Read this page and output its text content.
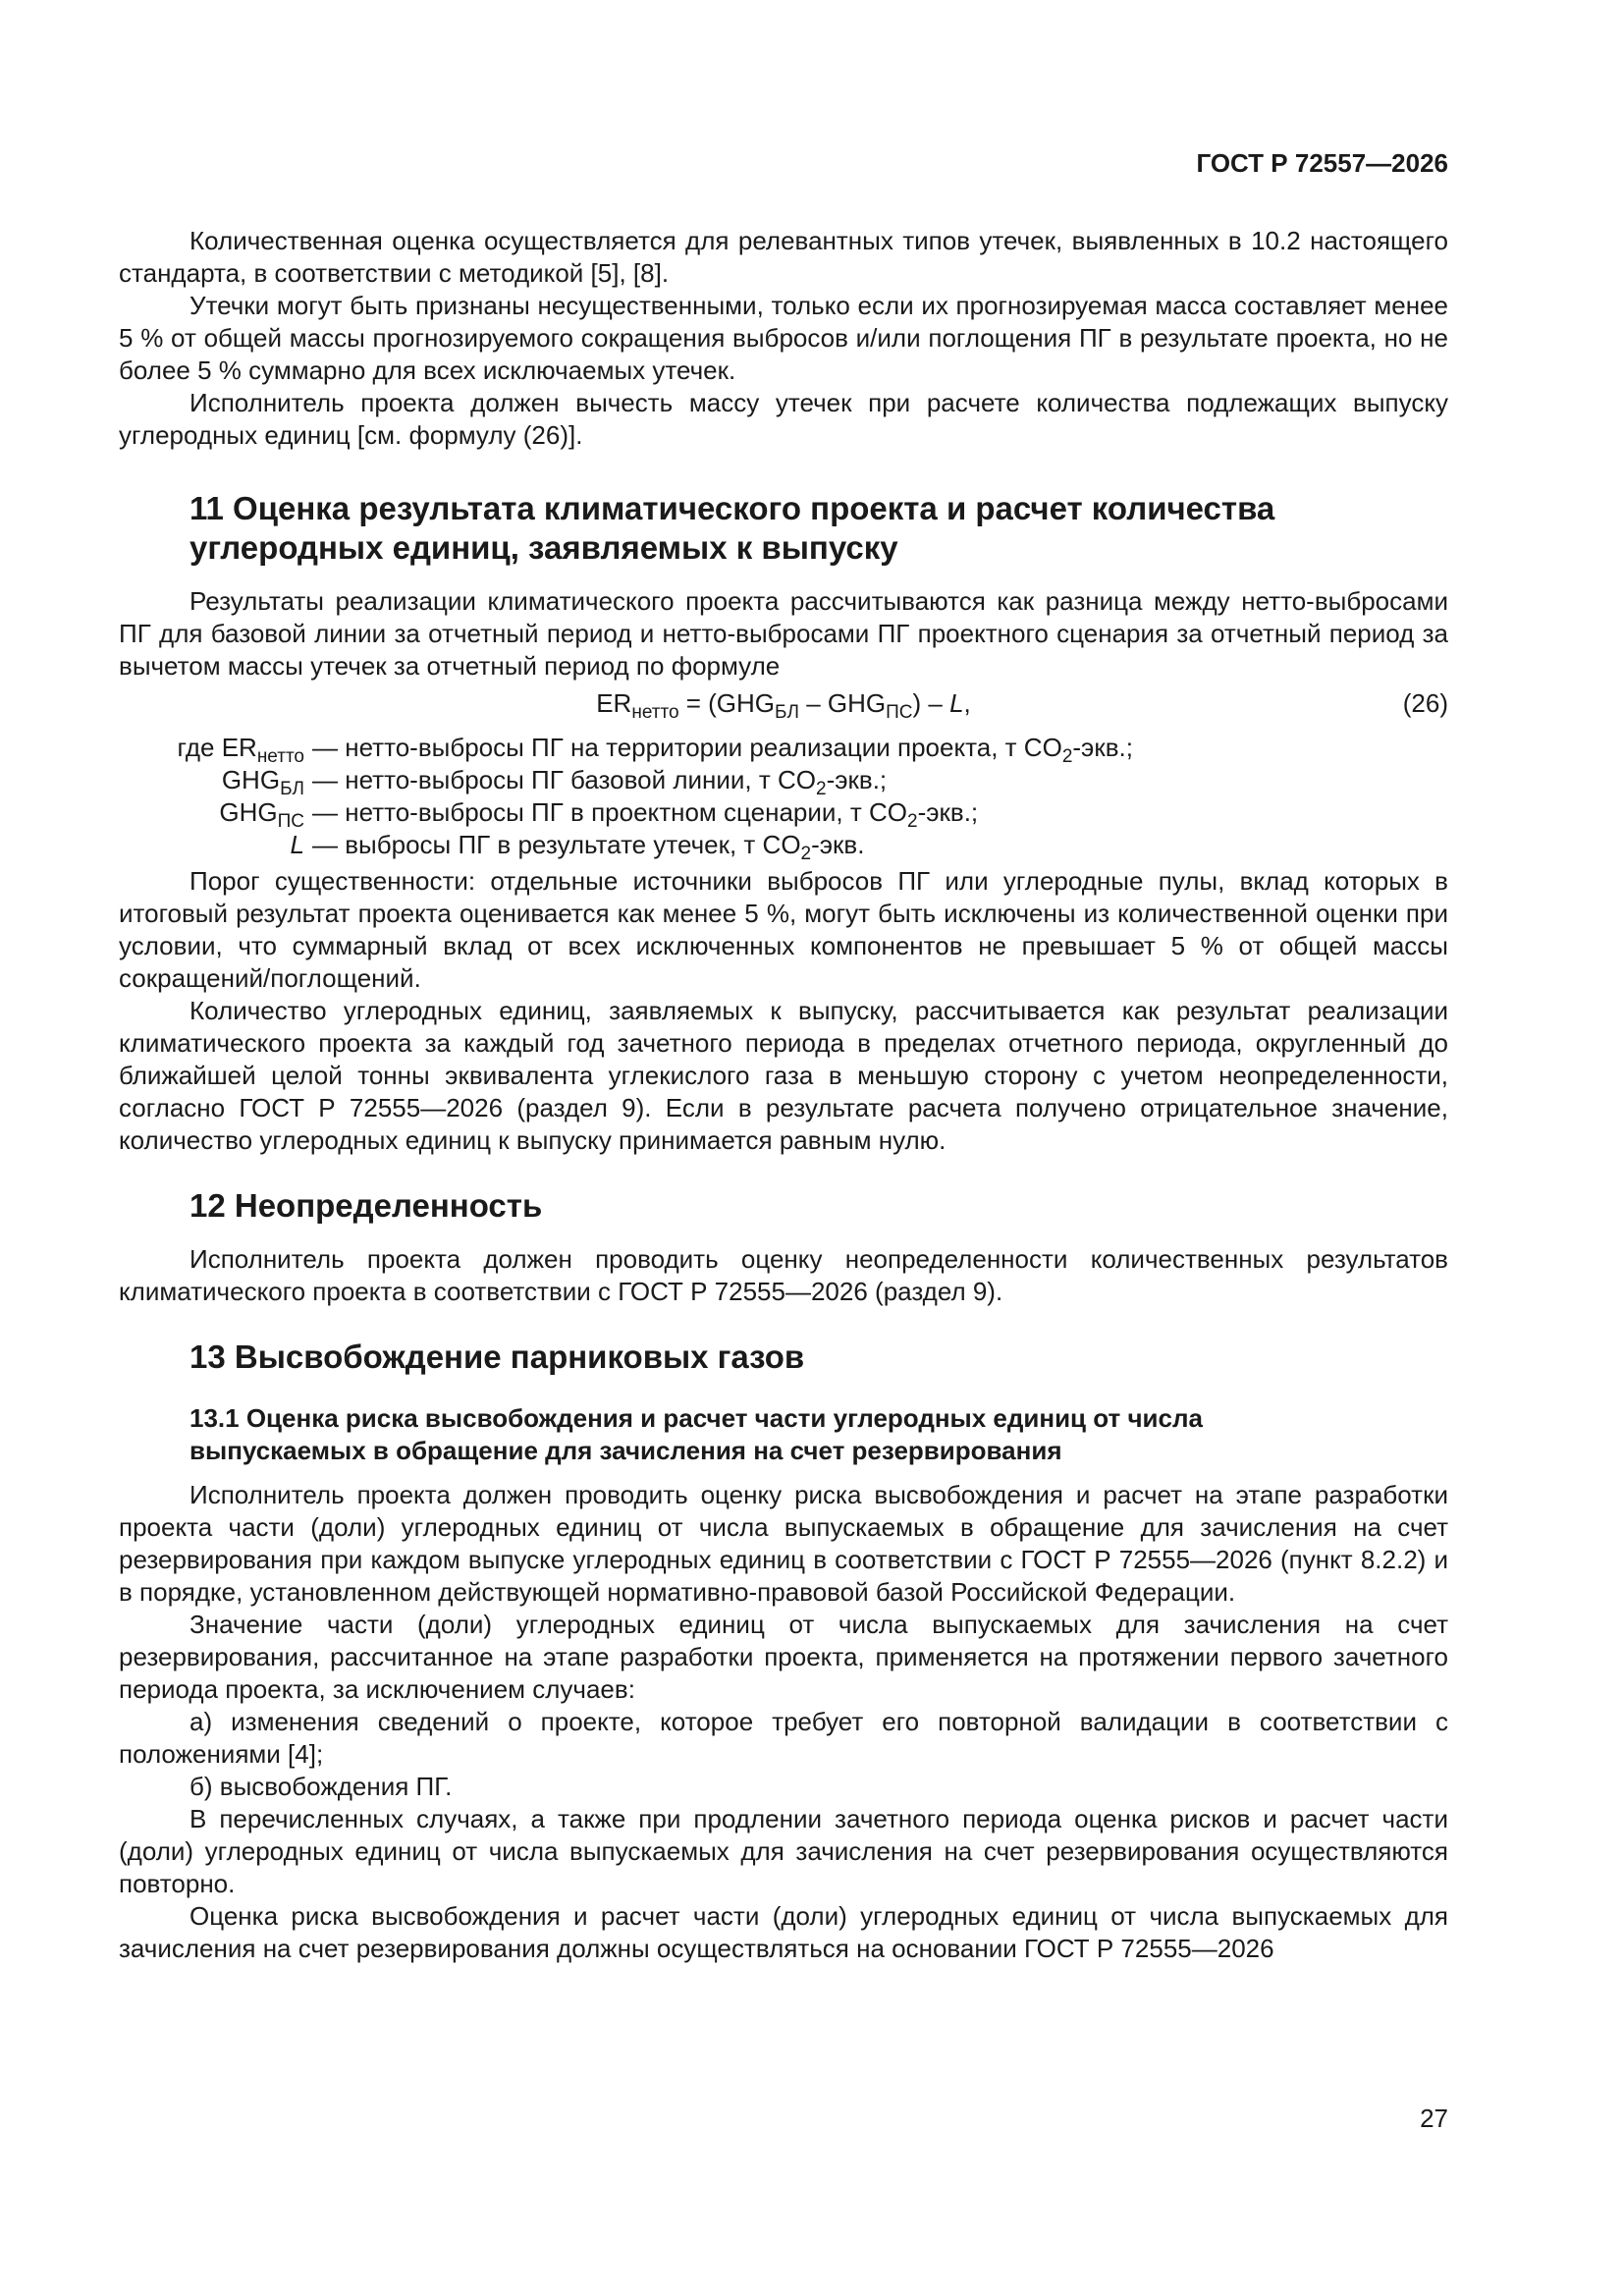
ГОСТ Р 72557—2026

Количественная оценка осуществляется для релевантных типов утечек, выявленных в 10.2 настоящего стандарта, в соответствии с методикой [5], [8].

Утечки могут быть признаны несущественными, только если их прогнозируемая масса составляет менее 5 % от общей массы прогнозируемого сокращения выбросов и/или поглощения ПГ в результате проекта, но не более 5 % суммарно для всех исключаемых утечек.

Исполнитель проекта должен вычесть массу утечек при расчете количества подлежащих выпуску углеродных единиц [см. формулу (26)].

11 Оценка результата климатического проекта и расчет количества
углеродных единиц, заявляемых к выпуску

Результаты реализации климатического проекта рассчитываются как разница между нетто-выбросами ПГ для базовой линии за отчетный период и нетто-выбросами ПГ проектного сценария за отчетный период за вычетом массы утечек за отчетный период по формуле

$ER_{нетто} = (GHG_{БЛ} - GHG_{ПС}) - L$,	(26)
где $ER_{нетто}$ — нетто-выбросы ПГ на территории реализации проекта, т $CO_2$-экв.;
$GHG_{БЛ}$ — нетто-выбросы ПГ базовой линии, т $CO_2$-экв.;
$GHG_{ПС}$ — нетто-выбросы ПГ в проектном сценарии, т $CO_2$-экв.;
L — выбросы ПГ в результате утечек, т $CO_2$-экв.

Порог существенности: отдельные источники выбросов ПГ или углеродные пулы, вклад которых в итоговый результат проекта оценивается как менее 5 %, могут быть исключены из количественной оценки при условии, что суммарный вклад от всех исключенных компонентов не превышает 5 % от общей массы сокращений/поглощений.

Количество углеродных единиц, заявляемых к выпуску, рассчитывается как результат реализации климатического проекта за каждый год зачетного периода в пределах отчетного периода, округленный до ближайшей целой тонны эквивалента углекислого газа в меньшую сторону с учетом неопределенности, согласно ГОСТ Р 72555—2026 (раздел 9). Если в результате расчета получено отрицательное значение, количество углеродных единиц к выпуску принимается равным нулю.

12 Неопределенность

Исполнитель проекта должен проводить оценку неопределенности количественных результатов климатического проекта в соответствии с ГОСТ Р 72555—2026 (раздел 9).

13 Высвобождение парниковых газов
13.1 Оценка риска высвобождения и расчет части углеродных единиц от числа
выпускаемых в обращение для зачисления на счет резервирования

Исполнитель проекта должен проводить оценку риска высвобождения и расчет на этапе разработки проекта части (доли) углеродных единиц от числа выпускаемых в обращение для зачисления на счет резервирования при каждом выпуске углеродных единиц в соответствии с ГОСТ Р 72555—2026 (пункт 8.2.2) и в порядке, установленном действующей нормативно-правовой базой Российской Федерации.

Значение части (доли) углеродных единиц от числа выпускаемых для зачисления на счет резервирования, рассчитанное на этапе разработки проекта, применяется на протяжении первого зачетного периода проекта, за исключением случаев:

а) изменения сведений о проекте, которое требует его повторной валидации в соответствии с положениями [4];

б) высвобождения ПГ.

В перечисленных случаях, а также при продлении зачетного периода оценка рисков и расчет части (доли) углеродных единиц от числа выпускаемых для зачисления на счет резервирования осуществляются повторно.

Оценка риска высвобождения и расчет части (доли) углеродных единиц от числа выпускаемых для зачисления на счет резервирования должны осуществляться на основании ГОСТ Р 72555—2026

27
